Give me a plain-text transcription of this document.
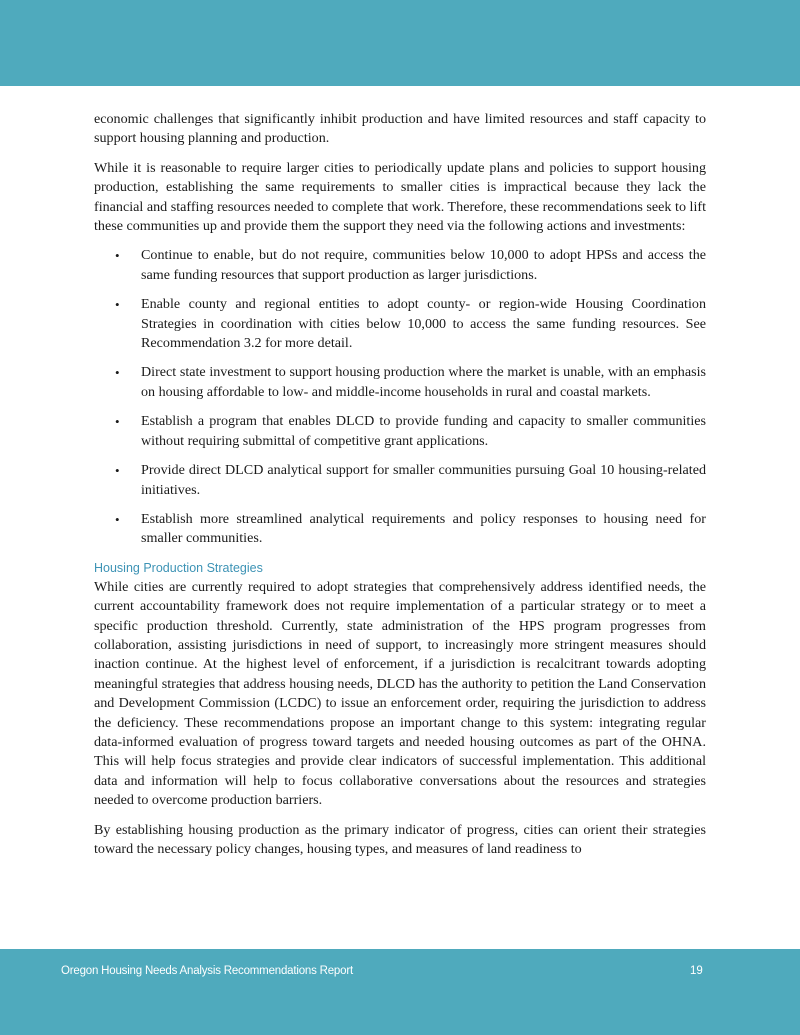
economic challenges that significantly inhibit production and have limited resources and staff capacity to support housing planning and production.

While it is reasonable to require larger cities to periodically update plans and policies to support housing production, establishing the same requirements to smaller cities is impractical because they lack the financial and staffing resources needed to complete that work. Therefore, these recommendations seek to lift these communities up and provide them the support they need via the following actions and investments:

• Continue to enable, but do not require, communities below 10,000 to adopt HPSs and access the same funding resources that support production as larger jurisdictions.
• Enable county and regional entities to adopt county- or region-wide Housing Coordination Strategies in coordination with cities below 10,000 to access the same funding resources. See Recommendation 3.2 for more detail.
• Direct state investment to support housing production where the market is unable, with an emphasis on housing affordable to low- and middle-income households in rural and coastal markets.
• Establish a program that enables DLCD to provide funding and capacity to smaller communities without requiring submittal of competitive grant applications.
• Provide direct DLCD analytical support for smaller communities pursuing Goal 10 housing-related initiatives.
• Establish more streamlined analytical requirements and policy responses to housing need for smaller communities.
Housing Production Strategies

While cities are currently required to adopt strategies that comprehensively address identified needs, the current accountability framework does not require implementation of a particular strategy or to meet a specific production threshold. Currently, state administration of the HPS program progresses from collaboration, assisting jurisdictions in need of support, to increasingly more stringent measures should inaction continue. At the highest level of enforcement, if a jurisdiction is recalcitrant towards adopting meaningful strategies that address housing needs, DLCD has the authority to petition the Land Conservation and Development Commission (LCDC) to issue an enforcement order, requiring the jurisdiction to address the deficiency. These recommendations propose an important change to this system: integrating regular data-informed evaluation of progress toward targets and needed housing outcomes as part of the OHNA. This will help focus strategies and provide clear indicators of successful implementation. This additional data and information will help to focus collaborative conversations about the resources and strategies needed to overcome production barriers.

By establishing housing production as the primary indicator of progress, cities can orient their strategies toward the necessary policy changes, housing types, and measures of land readiness to

Oregon Housing Needs Analysis Recommendations Report	19
